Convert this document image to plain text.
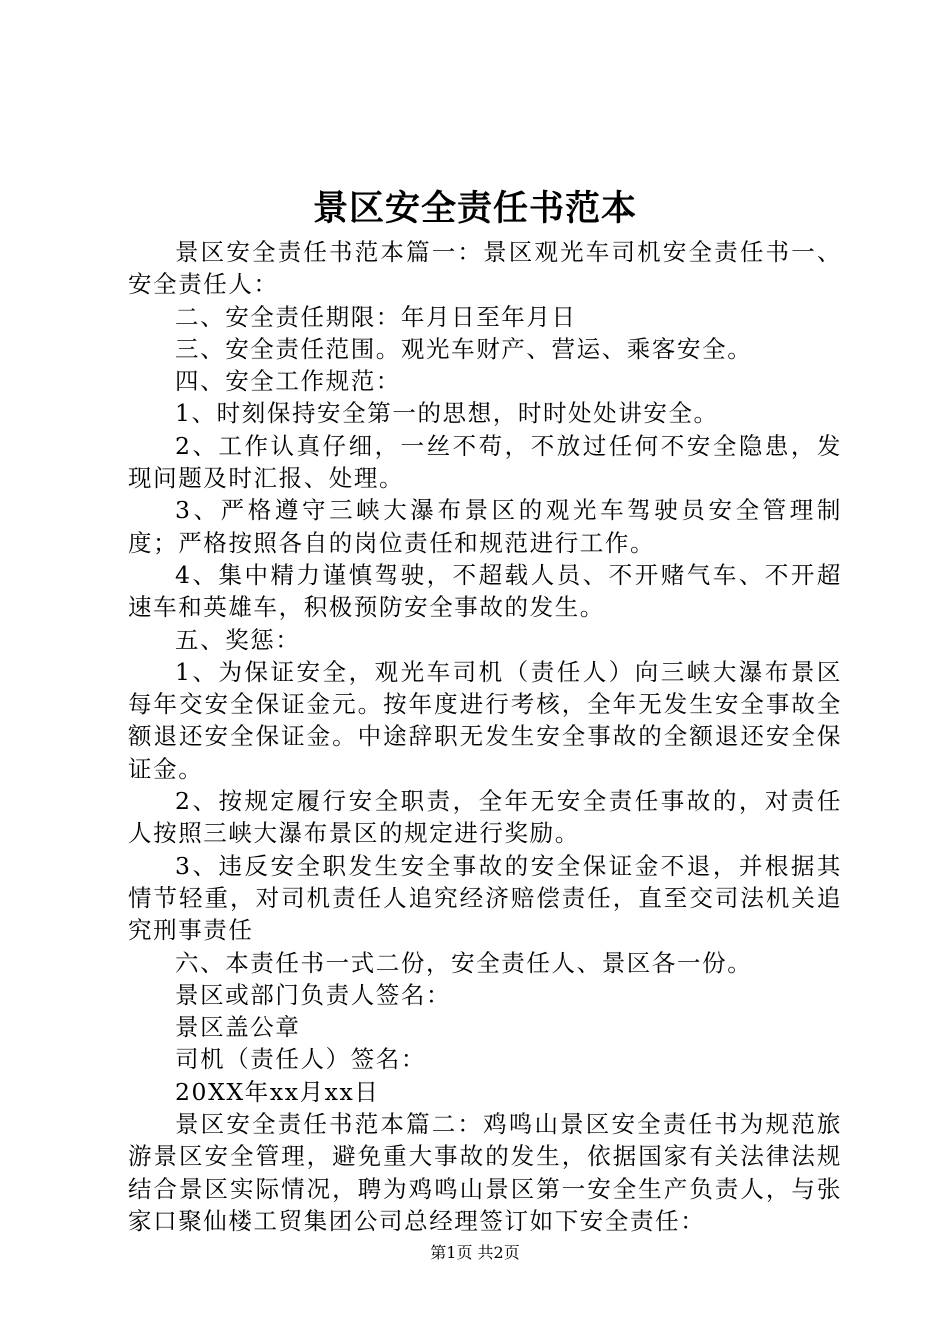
景区安全责任书范本

景区安全责任书范本篇一：景区观光车司机安全责任书一、安全责任人：

二、安全责任期限：年月日至年月日

三、安全责任范围。观光车财产、营运、乘客安全。

四、安全工作规范：

1、时刻保持安全第一的思想，时时处处讲安全。

2、工作认真仔细，一丝不苟，不放过任何不安全隐患，发现问题及时汇报、处理。

3、严格遵守三峡大瀑布景区的观光车驾驶员安全管理制度；严格按照各自的岗位责任和规范进行工作。

4、集中精力谨慎驾驶，不超载人员、不开赌气车、不开超速车和英雄车，积极预防安全事故的发生。

五、奖惩：

1、为保证安全，观光车司机（责任人）向三峡大瀑布景区每年交安全保证金元。按年度进行考核，全年无发生安全事故全额退还安全保证金。中途辞职无发生安全事故的全额退还安全保证金。

2、按规定履行安全职责，全年无安全责任事故的，对责任人按照三峡大瀑布景区的规定进行奖励。

3、违反安全职发生安全事故的安全保证金不退，并根据其情节轻重，对司机责任人追究经济赔偿责任，直至交司法机关追究刑事责任

六、本责任书一式二份，安全责任人、景区各一份。

景区或部门负责人签名：

景区盖公章

司机（责任人）签名：

20XX年xx月xx日

景区安全责任书范本篇二：鸡鸣山景区安全责任书为规范旅游景区安全管理，避免重大事故的发生，依据国家有关法律法规结合景区实际情况，聘为鸡鸣山景区第一安全生产负责人，与张家口聚仙楼工贸集团公司总经理签订如下安全责任：

第1页 共2页
